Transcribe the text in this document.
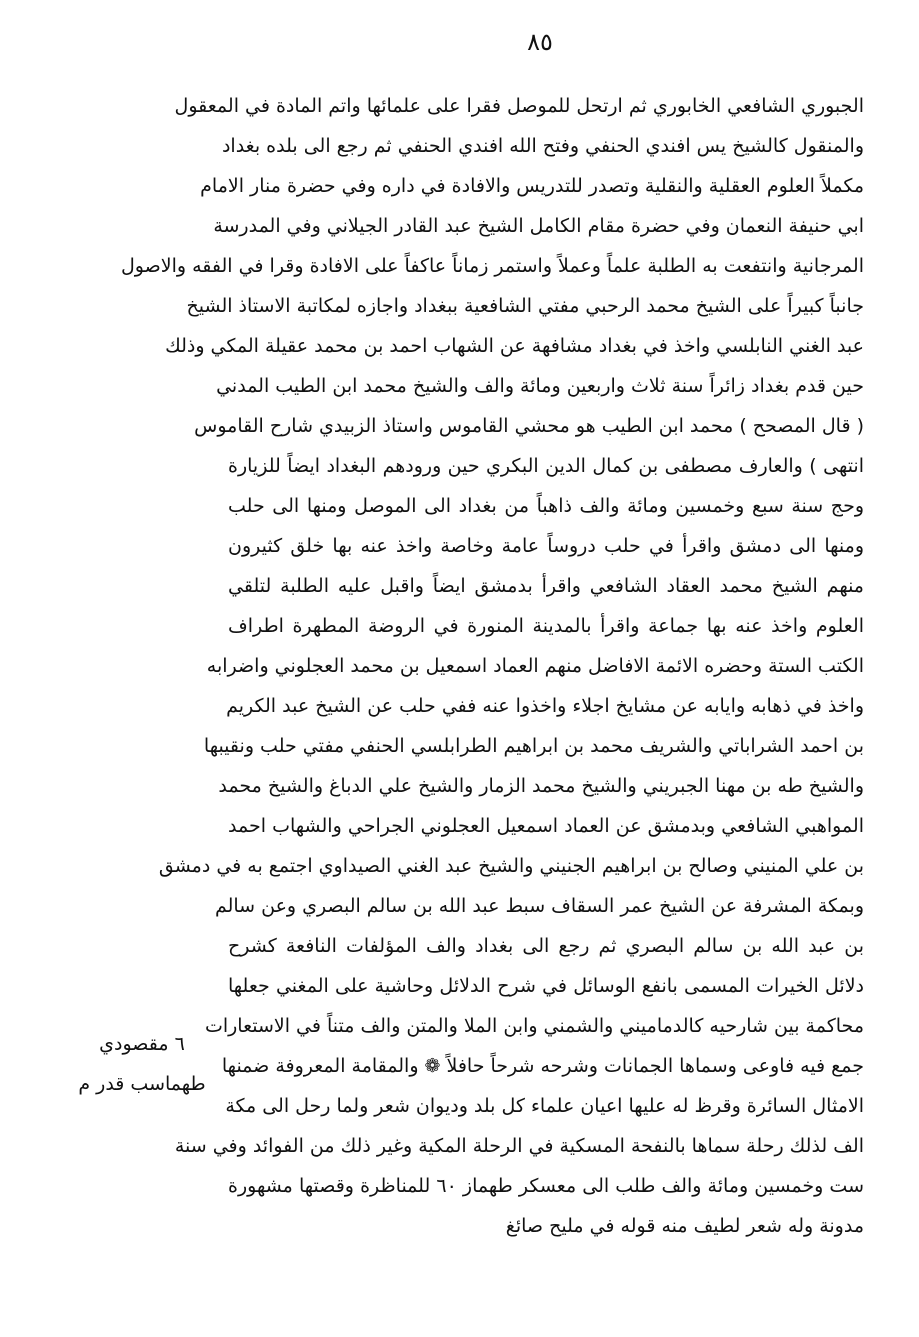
٨٥
الجبوري الشافعي الخابوري ثم ارتحل للموصل فقرا على علمائها واتم المادة في المعقول
والمنقول كالشيخ يس افندي الحنفي وفتح الله افندي الحنفي ثم رجع الى بلده بغداد
مكملاً العلوم العقلية والنقلية وتصدر للتدريس والافادة في داره وفي حضرة منار الامام
ابي حنيفة النعمان وفي حضرة مقام الكامل الشيخ عبد القادر الجيلاني وفي المدرسة
المرجانية وانتفعت به الطلبة علماً وعملاً واستمر زماناً عاكفاً على الافادة وقرا في الفقه والاصول
جانباً كبيراً على الشيخ محمد الرحبي مفتي الشافعية ببغداد واجازه لمكاتبة الاستاذ الشيخ
عبد الغني النابلسي واخذ في بغداد مشافهة عن الشهاب احمد بن محمد عقيلة المكي وذلك
حين قدم بغداد زائراً سنة ثلاث واربعين ومائة والف والشيخ محمد ابن الطيب المدني
( قال المصحح ) محمد ابن الطيب هو محشي القاموس واستاذ الزبيدي شارح القاموس
انتهى ) والعارف مصطفى بن كمال الدين البكري حين ورودهم البغداد ايضاً للزيارة
وحج سنة سبع وخمسين ومائة والف ذاهباً من بغداد الى الموصل ومنها الى حلب
ومنها الى دمشق واقرأ في حلب دروساً عامة وخاصة واخذ عنه بها خلق كثيرون
منهم الشيخ محمد العقاد الشافعي واقرأ بدمشق ايضاً واقبل عليه الطلبة لتلقي
العلوم واخذ عنه بها جماعة واقرأ بالمدينة المنورة في الروضة المطهرة اطراف
الكتب الستة وحضره الائمة الافاضل منهم العماد اسمعيل بن محمد العجلوني واضرابه
واخذ في ذهابه وايابه عن مشايخ اجلاء واخذوا عنه ففي حلب عن الشيخ عبد الكريم
بن احمد الشراباتي والشريف محمد بن ابراهيم الطرابلسي الحنفي مفتي حلب ونقيبها
والشيخ طه بن مهنا الجبريني والشيخ محمد الزمار والشيخ علي الدباغ والشيخ محمد
المواهبي الشافعي وبدمشق عن العماد اسمعيل العجلوني الجراحي والشهاب احمد
بن علي المنيني وصالح بن ابراهيم الجنيني والشيخ عبد الغني الصيداوي اجتمع به في دمشق
وبمكة المشرفة عن الشيخ عمر السقاف سبط عبد الله بن سالم البصري وعن سالم
بن عبد الله بن سالم البصري ثم رجع الى بغداد والف المؤلفات النافعة كشرح
دلائل الخيرات المسمى بانفع الوسائل في شرح الدلائل وحاشية على المغني جعلها
محاكمة بين شارحيه كالدماميني والشمني وابن الملا والمتن والف متناً في الاستعارات
جمع فيه فاوعى وسماها الجمانات وشرحه شرحاً حافلاً ❁ والمقامة المعروفة ضمنها
الامثال السائرة وقرظ له عليها اعيان علماء كل بلد وديوان شعر ولما رحل الى مكة
الف لذلك رحلة سماها بالنفحة المسكية في الرحلة المكية وغير ذلك من الفوائد وفي سنة
ست وخمسين ومائة والف طلب الى معسكر طهماز ٦٠ للمناظرة وقصتها مشهورة
مدونة وله شعر لطيف منه قوله في مليح صائغ
٦ مقصودي
طهماسب قدر م
